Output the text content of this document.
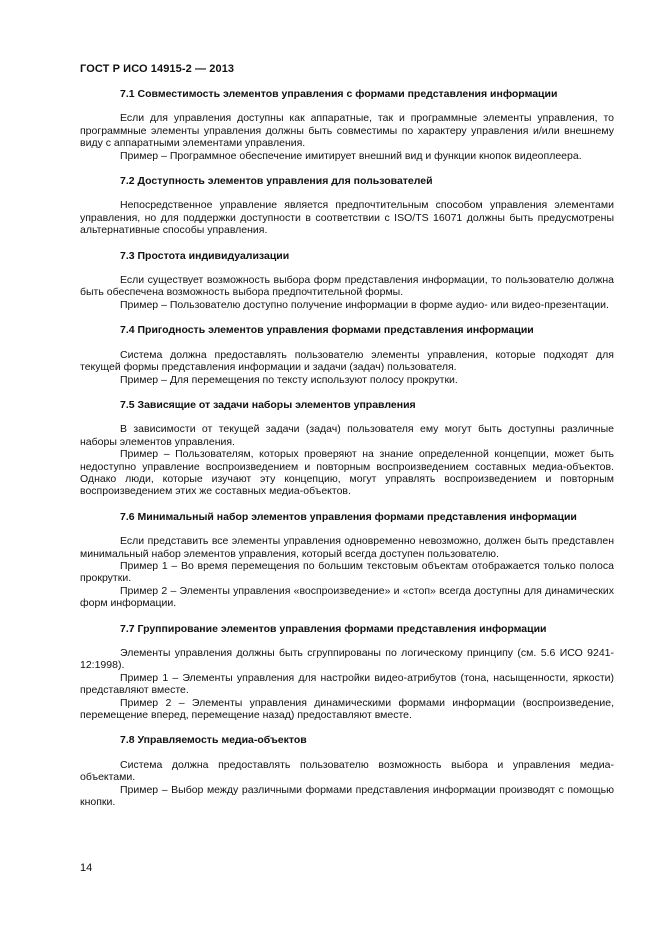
ГОСТ Р ИСО 14915-2 — 2013
7.1 Совместимость элементов управления с формами представления информации

Если для управления доступны как аппаратные, так и программные элементы управления, то программные элементы управления должны быть совместимы по характеру управления и/или внешнему виду с аппаратными элементами управления.

Пример – Программное обеспечение имитирует внешний вид и функции кнопок видеоплеера.

7.2 Доступность элементов управления для пользователей

Непосредственное управление является предпочтительным способом управления элементами управления, но для поддержки доступности в соответствии с ISO/TS 16071 должны быть предусмотрены альтернативные способы управления.

7.3 Простота индивидуализации

Если существует возможность выбора форм представления информации, то пользователю должна быть обеспечена возможность выбора предпочтительной формы.

Пример – Пользователю доступно получение информации в форме аудио- или видео-презентации.

7.4 Пригодность элементов управления формами представления информации

Система должна предоставлять пользователю элементы управления, которые подходят для текущей формы представления информации и задачи (задач) пользователя.

Пример – Для перемещения по тексту используют полосу прокрутки.

7.5 Зависящие от задачи наборы элементов управления

В зависимости от текущей задачи (задач) пользователя ему могут быть доступны различные наборы элементов управления.

Пример – Пользователям, которых проверяют на знание определенной концепции, может быть недоступно управление воспроизведением и повторным воспроизведением составных медиа-объектов. Однако люди, которые изучают эту концепцию, могут управлять воспроизведением и повторным воспроизведением этих же составных медиа-объектов.

7.6 Минимальный набор элементов управления формами представления информации

Если представить все элементы управления одновременно невозможно, должен быть представлен минимальный набор элементов управления, который всегда доступен пользователю.

Пример 1 – Во время перемещения по большим текстовым объектам отображается только полоса прокрутки.

Пример 2 – Элементы управления «воспроизведение» и «стоп» всегда доступны для динамических форм информации.

7.7 Группирование элементов управления формами представления информации

Элементы управления должны быть сгруппированы по логическому принципу (см. 5.6 ИСО 9241-12:1998).

Пример 1 – Элементы управления для настройки видео-атрибутов (тона, насыщенности, яркости) представляют вместе.

Пример 2 – Элементы управления динамическими формами информации (воспроизведение, перемещение вперед, перемещение назад) предоставляют вместе.

7.8 Управляемость медиа-объектов

Система должна предоставлять пользователю возможность выбора и управления медиа-объектами.

Пример – Выбор между различными формами представления информации производят с помощью кнопки.

14
